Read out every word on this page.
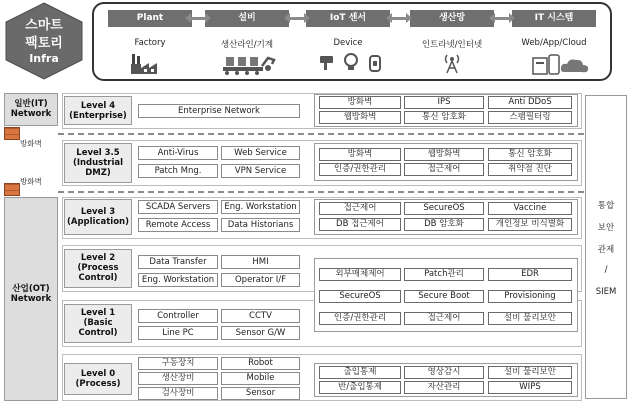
스마트
팩토리
Infra
Plant	설비	IoT 센서	생산망	IT 시스템
Factory	생산라인/기계	Device	인트라넷/인터넷	Web/App/Cloud
일반(IT)
Network
방화벽
방화벽
산업(OT)
Network
통합
보안
관제
/
SIEM
Level 4
(Enterprise)	Enterprise Network
방화벽	IPS	Anti DDoS
웹방화벽	통신 암호화	스팸필터링
Level 3.5
(Industrial
DMZ)
Anti-Virus	Web Service
Patch Mng.	VPN Service
방화벽	웹방화벽	통신 암호화
인증/권한관리	접근제어	취약점 진단
Level 3
(Application)
SCADA Servers	Eng. Workstation
Remote Access	Data Historians
접근제어	SecureOS	Vaccine
DB 접근제어	DB 암호화	개인정보 비식별화
Level 2
(Process
Control)
Data Transfer	HMI
Eng. Workstation	Operator I/F
Level 1
(Basic
Control)
Controller	CCTV
Line PC	Sensor G/W
외부매체제어	Patch관리	EDR
SecureOS	Secure Boot	Provisioning
인증/권한관리	접근제어	설비 물리보안
Level 0
(Process)
구동장치	Robot
생산장비	Mobile
검사장비	Sensor
출입통제	영상감시	설비 물리보안
반/출입통제	자산관리	WIPS
